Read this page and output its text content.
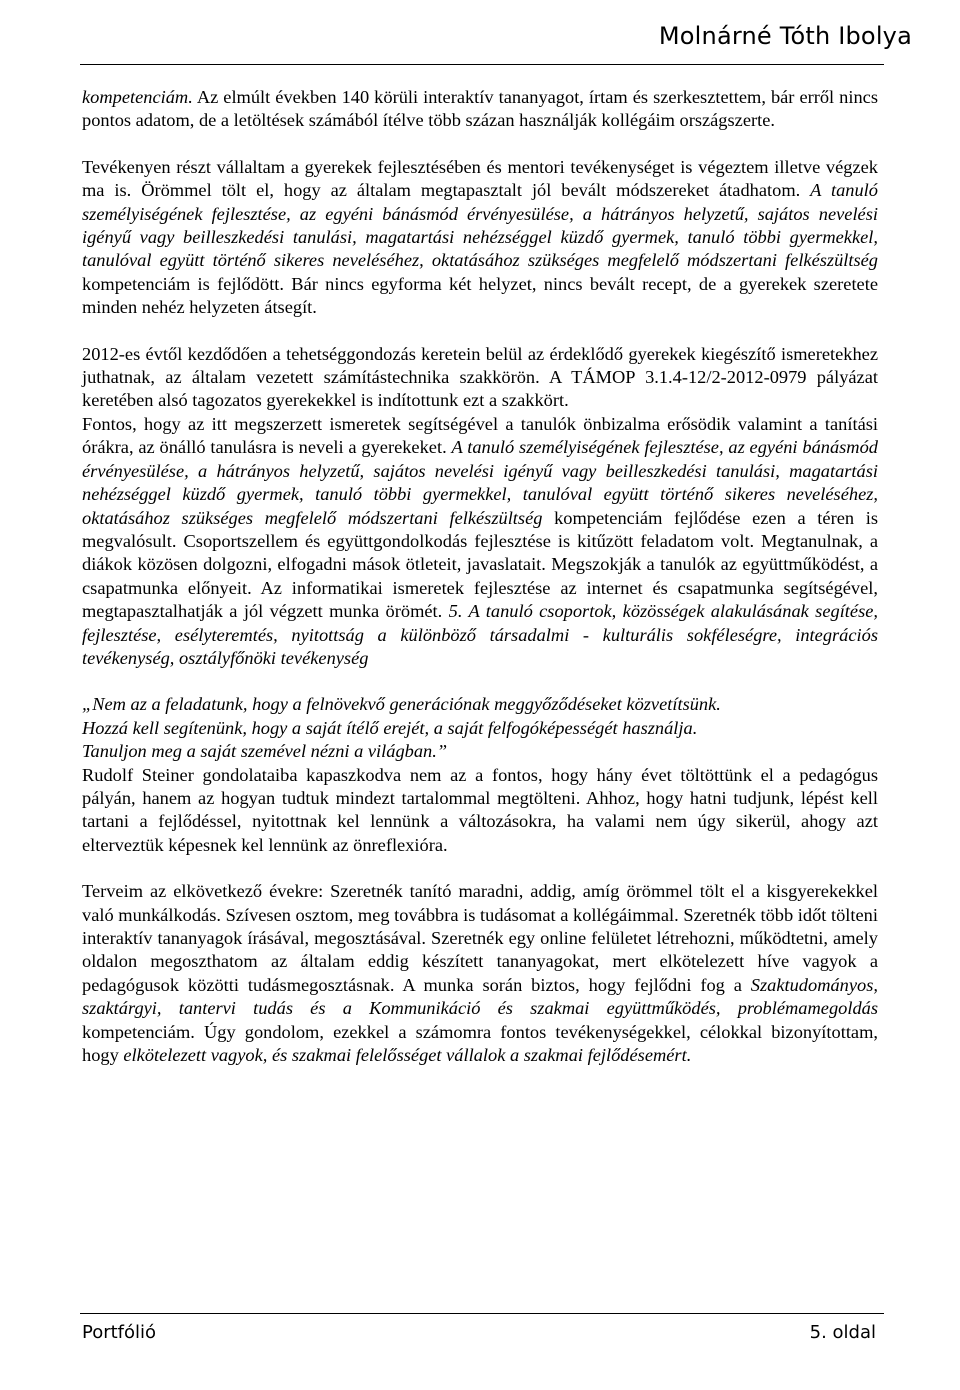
Molnárné Tóth Ibolya

kompetenciám. Az elmúlt években 140 körüli interaktív tananyagot, írtam és szerkesztettem, bár erről nincs pontos adatom, de a letöltések számából ítélve több százan használják kollégáim országszerte.

Tevékenyen részt vállaltam a gyerekek fejlesztésében és mentori tevékenységet is végeztem illetve végzek ma is. Örömmel tölt el, hogy az általam megtapasztalt jól bevált módszereket átadhatom. A tanuló személyiségének fejlesztése, az egyéni bánásmód érvényesülése, a hátrányos helyzetű, sajátos nevelési igényű vagy beilleszkedési tanulási, magatartási nehézséggel küzdő gyermek, tanuló többi gyermekkel, tanulóval együtt történő sikeres neveléséhez, oktatásához szükséges megfelelő módszertani felkészültség kompetenciám is fejlődött. Bár nincs egyforma két helyzet, nincs bevált recept, de a gyerekek szeretete minden nehéz helyzeten átsegít.

2012-es évtől kezdődően a tehetséggondozás keretein belül az érdeklődő gyerekek kiegészítő ismeretekhez juthatnak, az általam vezetett számítástechnika szakkörön. A TÁMOP 3.1.4-12/2-2012-0979 pályázat keretében alsó tagozatos gyerekekkel is indítottunk ezt a szakkört.

Fontos, hogy az itt megszerzett ismeretek segítségével a tanulók önbizalma erősödik valamint a tanítási órákra, az önálló tanulásra is neveli a gyerekeket. A tanuló személyiségének fejlesztése, az egyéni bánásmód érvényesülése, a hátrányos helyzetű, sajátos nevelési igényű vagy beilleszkedési tanulási, magatartási nehézséggel küzdő gyermek, tanuló többi gyermekkel, tanulóval együtt történő sikeres neveléséhez, oktatásához szükséges megfelelő módszertani felkészültség kompetenciám fejlődése ezen a téren is megvalósult. Csoportszellem és együttgondolkodás fejlesztése is kitűzött feladatom volt. Megtanulnak, a diákok közösen dolgozni, elfogadni mások ötleteit, javaslatait. Megszokják a tanulók az együttműködést, a csapatmunka előnyeit. Az informatikai ismeretek fejlesztése az internet és csapatmunka segítségével, megtapasztalhatják a jól végzett munka örömét. 5. A tanuló csoportok, közösségek alakulásának segítése, fejlesztése, esélyteremtés, nyitottság a különböző társadalmi - kulturális sokféleségre, integrációs tevékenység, osztályfőnöki tevékenység

„Nem az a feladatunk, hogy a felnövekvő generációnak meggyőződéseket közvetítsünk.
Hozzá kell segítenünk, hogy a saját ítélő erejét, a saját felfogóképességét használja.
Tanuljon meg a saját szemével nézni a világban.”

Rudolf Steiner gondolataiba kapaszkodva nem az a fontos, hogy hány évet töltöttünk el a pedagógus pályán, hanem az hogyan tudtuk mindezt tartalommal megtölteni. Ahhoz, hogy hatni tudjunk, lépést kell tartani a fejlődéssel, nyitottnak kel lennünk a változásokra, ha valami nem úgy sikerül, ahogy azt elterveztük képesnek kel lennünk az önreflexióra.

Terveim az elkövetkező évekre: Szeretnék tanító maradni, addig, amíg örömmel tölt el a kisgyerekekkel való munkálkodás. Szívesen osztom, meg továbbra is tudásomat a kollégáimmal. Szeretnék több időt tölteni interaktív tananyagok írásával, megosztásával. Szeretnék egy online felületet létrehozni, működtetni, amely oldalon megoszthatom az általam eddig készített tananyagokat, mert elkötelezett híve vagyok a pedagógusok közötti tudásmegosztásnak. A munka során biztos, hogy fejlődni fog a Szaktudományos, szaktárgyi, tantervi tudás és a Kommunikáció és szakmai együttműködés, problémamegoldás kompetenciám. Úgy gondolom, ezekkel a számomra fontos tevékenységekkel, célokkal bizonyítottam, hogy elkötelezett vagyok, és szakmai felelősséget vállalok a szakmai fejlődésemért.

Portfólió	5. oldal
